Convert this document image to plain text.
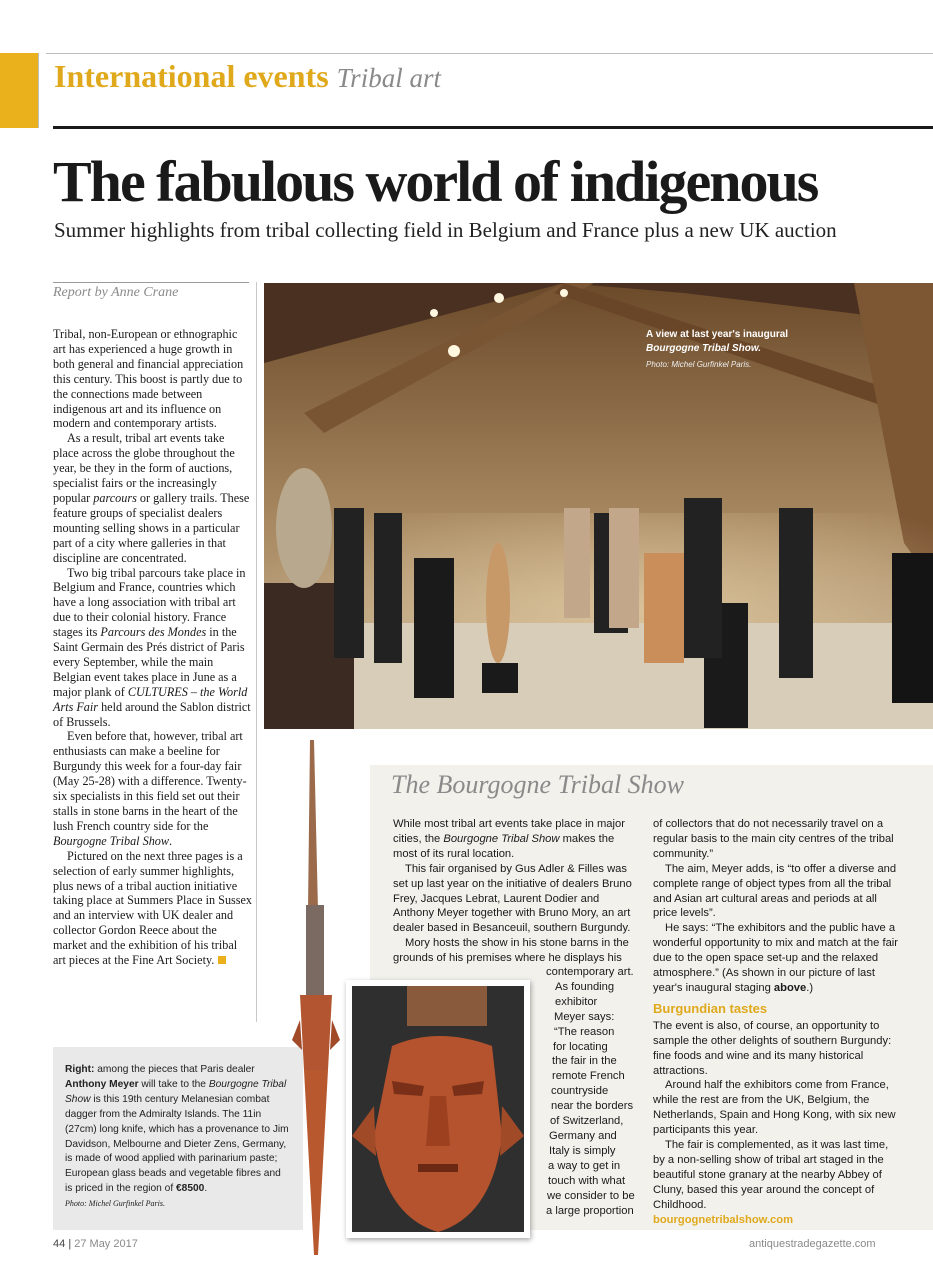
International events Tribal art
The fabulous world of indigenous
Summer highlights from tribal collecting field in Belgium and France plus a new UK auction
Report by Anne Crane

Tribal, non-European or ethnographic art has experienced a huge growth in both general and financial appreciation this century. This boost is partly due to the connections made between indigenous art and its influence on modern and contemporary artists.

As a result, tribal art events take place across the globe throughout the year, be they in the form of auctions, specialist fairs or the increasingly popular parcours or gallery trails. These feature groups of specialist dealers mounting selling shows in a particular part of a city where galleries in that discipline are concentrated.

Two big tribal parcours take place in Belgium and France, countries which have a long association with tribal art due to their colonial history. France stages its Parcours des Mondes in the Saint Germain des Prés district of Paris every September, while the main Belgian event takes place in June as a major plank of CULTURES – the World Arts Fair held around the Sablon district of Brussels.

Even before that, however, tribal art enthusiasts can make a beeline for Burgundy this week for a four-day fair (May 25-28) with a difference. Twenty-six specialists in this field set out their stalls in stone barns in the heart of the lush French country side for the Bourgogne Tribal Show.

Pictured on the next three pages is a selection of early summer highlights, plus news of a tribal auction initiative taking place at Summers Place in Sussex and an interview with UK dealer and collector Gordon Reece about the market and the exhibition of his tribal art pieces at the Fine Art Society.

A view at last year's inaugural
Bourgogne Tribal Show.
Photo: Michel Gurfinkel Paris.
The Bourgogne Tribal Show

While most tribal art events take place in major cities, the Bourgogne Tribal Show makes the most of its rural location.

This fair organised by Gus Adler & Filles was set up last year on the initiative of dealers Bruno Frey, Jacques Lebrat, Laurent Dodier and Anthony Meyer together with Bruno Mory, an art dealer based in Besanceuil, southern Burgundy.

Mory hosts the show in his stone barns in the grounds of his premises where he displays his

contemporary art.
As founding
exhibitor
Meyer says:
“The reason
for locating
the fair in the
remote French
countryside
near the borders
of Switzerland,
Germany and
Italy is simply
a way to get in
touch with what
we consider to be
a large proportion

of collectors that do not necessarily travel on a regular basis to the main city centres of the tribal community.”

The aim, Meyer adds, is “to offer a diverse and complete range of object types from all the tribal and Asian art cultural areas and periods at all price levels”.

He says: “The exhibitors and the public have a wonderful opportunity to mix and match at the fair due to the open space set-up and the relaxed atmosphere.” (As shown in our picture of last year's inaugural staging above.)

Burgundian tastes

The event is also, of course, an opportunity to sample the other delights of southern Burgundy: fine foods and wine and its many historical attractions.

Around half the exhibitors come from France, while the rest are from the UK, Belgium, the Netherlands, Spain and Hong Kong, with six new participants this year.

The fair is complemented, as it was last time, by a non-selling show of tribal art staged in the beautiful stone granary at the nearby Abbey of Cluny, based this year around the concept of Childhood.

bourgognetribalshow.com
Right: among the pieces that Paris dealer Anthony Meyer will take to the Bourgogne Tribal Show is this 19th century Melanesian combat dagger from the Admiralty Islands. The 11in (27cm) long knife, which has a provenance to Jim Davidson, Melbourne and Dieter Zens, Germany, is made of wood applied with parinarium paste; European glass beads and vegetable fibres and is priced in the region of €8500.
Photo: Michel Gurfinkel Paris.
44 | 27 May 2017	antiquestradegazette.com
